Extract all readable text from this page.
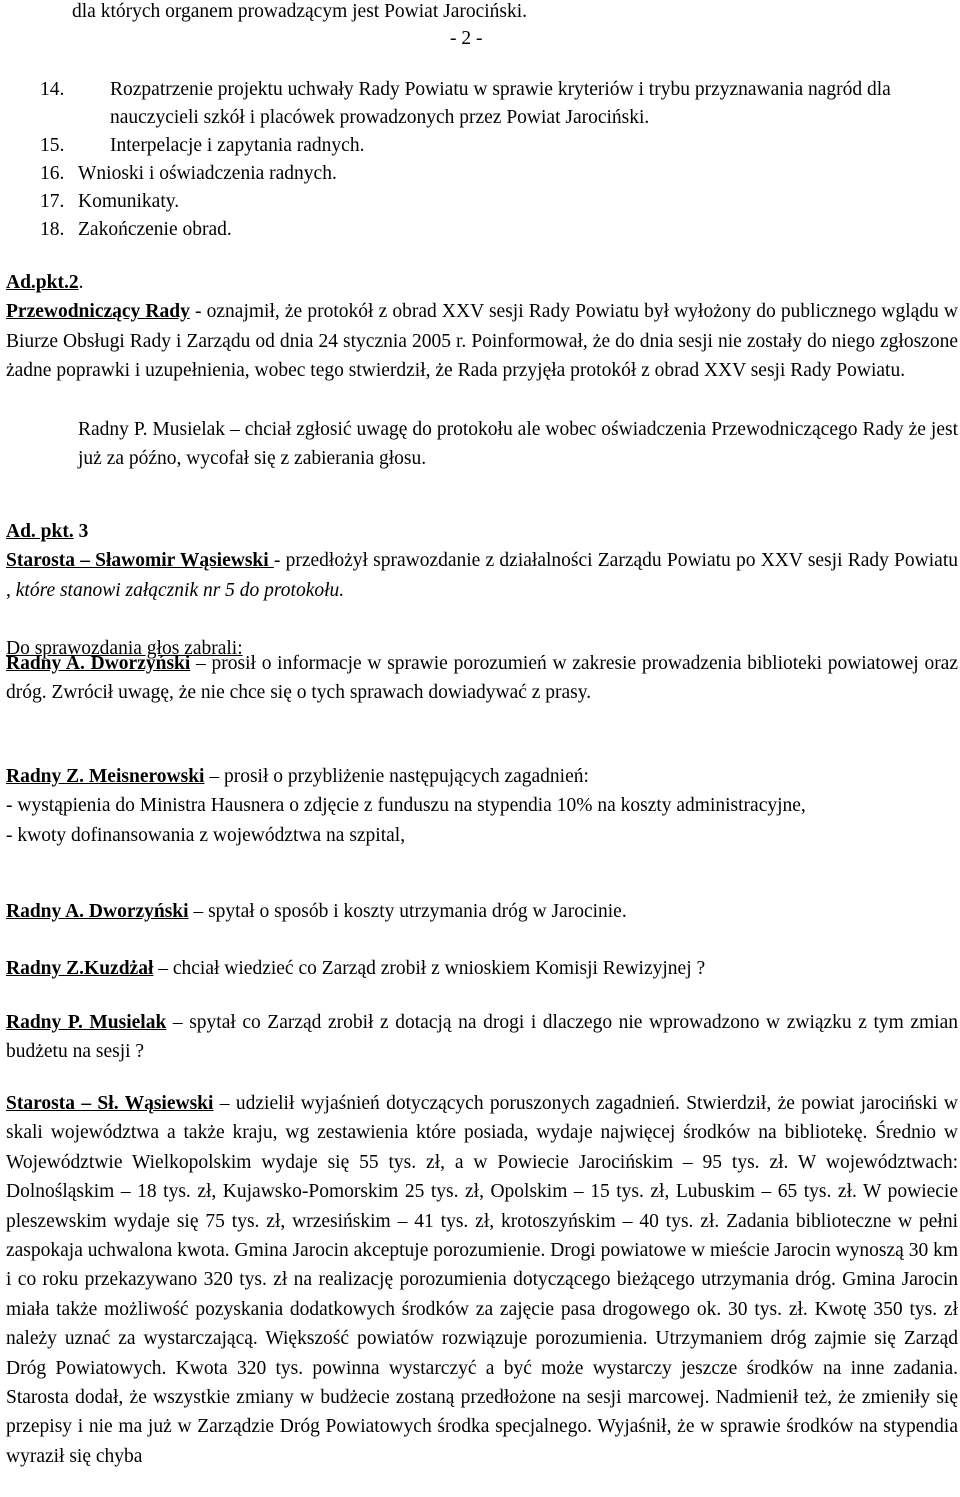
dla których organem prowadzącym jest Powiat Jarociński.
- 2 -
14.	Rozpatrzenie projektu uchwały Rady Powiatu w sprawie kryteriów i trybu przyznawania nagród dla nauczycieli szkół i placówek prowadzonych przez Powiat Jarociński.
15.	Interpelacje i zapytania radnych.
16. Wnioski i oświadczenia radnych.
17. Komunikaty.
18. Zakończenie obrad.
Ad.pkt.2.
Przewodniczący Rady - oznajmił, że protokół z obrad XXV sesji Rady Powiatu był wyłożony do publicznego wglądu w Biurze Obsługi Rady i Zarządu od dnia 24 stycznia 2005 r. Poinformował, że do dnia sesji nie zostały do niego zgłoszone żadne poprawki i uzupełnienia, wobec tego stwierdził, że Rada przyjęła protokół z obrad XXV sesji Rady Powiatu.
Radny P. Musielak – chciał zgłosić uwagę do protokołu ale wobec oświadczenia Przewodniczącego Rady że jest już za późno, wycofał się z zabierania głosu.
Ad. pkt. 3
Starosta – Sławomir Wąsiewski - przedłożył sprawozdanie z działalności Zarządu Powiatu po XXV sesji Rady Powiatu , które stanowi załącznik nr 5 do protokołu.
Do sprawozdania głos zabrali:
Radny A. Dworzyński – prosił o informacje w sprawie porozumień w zakresie prowadzenia biblioteki powiatowej oraz dróg. Zwrócił uwagę, że nie chce się o tych sprawach dowiadywać z prasy.
Radny Z. Meisnerowski – prosił o przybliżenie następujących zagadnień:
- wystąpienia do Ministra Hausnera o zdjęcie z funduszu na stypendia 10% na koszty administracyjne,
- kwoty dofinansowania z województwa na szpital,
Radny A. Dworzyński – spytał o sposób i koszty utrzymania dróg w Jarocinie.
Radny Z.Kuzdżał – chciał wiedzieć co Zarząd zrobił z wnioskiem Komisji Rewizyjnej ?
Radny P. Musielak – spytał co Zarząd zrobił z dotacją na drogi i dlaczego nie wprowadzono w związku z tym zmian budżetu na sesji ?
Starosta – Sł. Wąsiewski – udzielił wyjaśnień dotyczących poruszonych zagadnień. Stwierdził, że powiat jarociński w skali województwa a także kraju, wg zestawienia które posiada, wydaje najwięcej środków na bibliotekę. Średnio w Województwie Wielkopolskim wydaje się 55 tys. zł, a w Powiecie Jarocińskim – 95 tys. zł. W województwach: Dolnośląskim – 18 tys. zł, Kujawsko-Pomorskim 25 tys. zł, Opolskim – 15 tys. zł, Lubuskim – 65 tys. zł. W powiecie pleszewskim wydaje się 75 tys. zł, wrzesińskim – 41 tys. zł, krotoszyńskim – 40 tys. zł. Zadania biblioteczne w pełni zaspokaja uchwalona kwota. Gmina Jarocin akceptuje porozumienie. Drogi powiatowe w mieście Jarocin wynoszą 30 km i co roku przekazywano 320 tys. zł na realizację porozumienia dotyczącego bieżącego utrzymania dróg. Gmina Jarocin miała także możliwość pozyskania dodatkowych środków za zajęcie pasa drogowego ok. 30 tys. zł. Kwotę 350 tys. zł należy uznać za wystarczającą. Większość powiatów rozwiązuje porozumienia. Utrzymaniem dróg zajmie się Zarząd Dróg Powiatowych. Kwota 320 tys. powinna wystarczyć a być może wystarczy jeszcze środków na inne zadania. Starosta dodał, że wszystkie zmiany w budżecie zostaną przedłożone na sesji marcowej. Nadmienił też, że zmieniły się przepisy i nie ma już w Zarządzie Dróg Powiatowych środka specjalnego. Wyjaśnił, że w sprawie środków na stypendia wyraził się chyba
